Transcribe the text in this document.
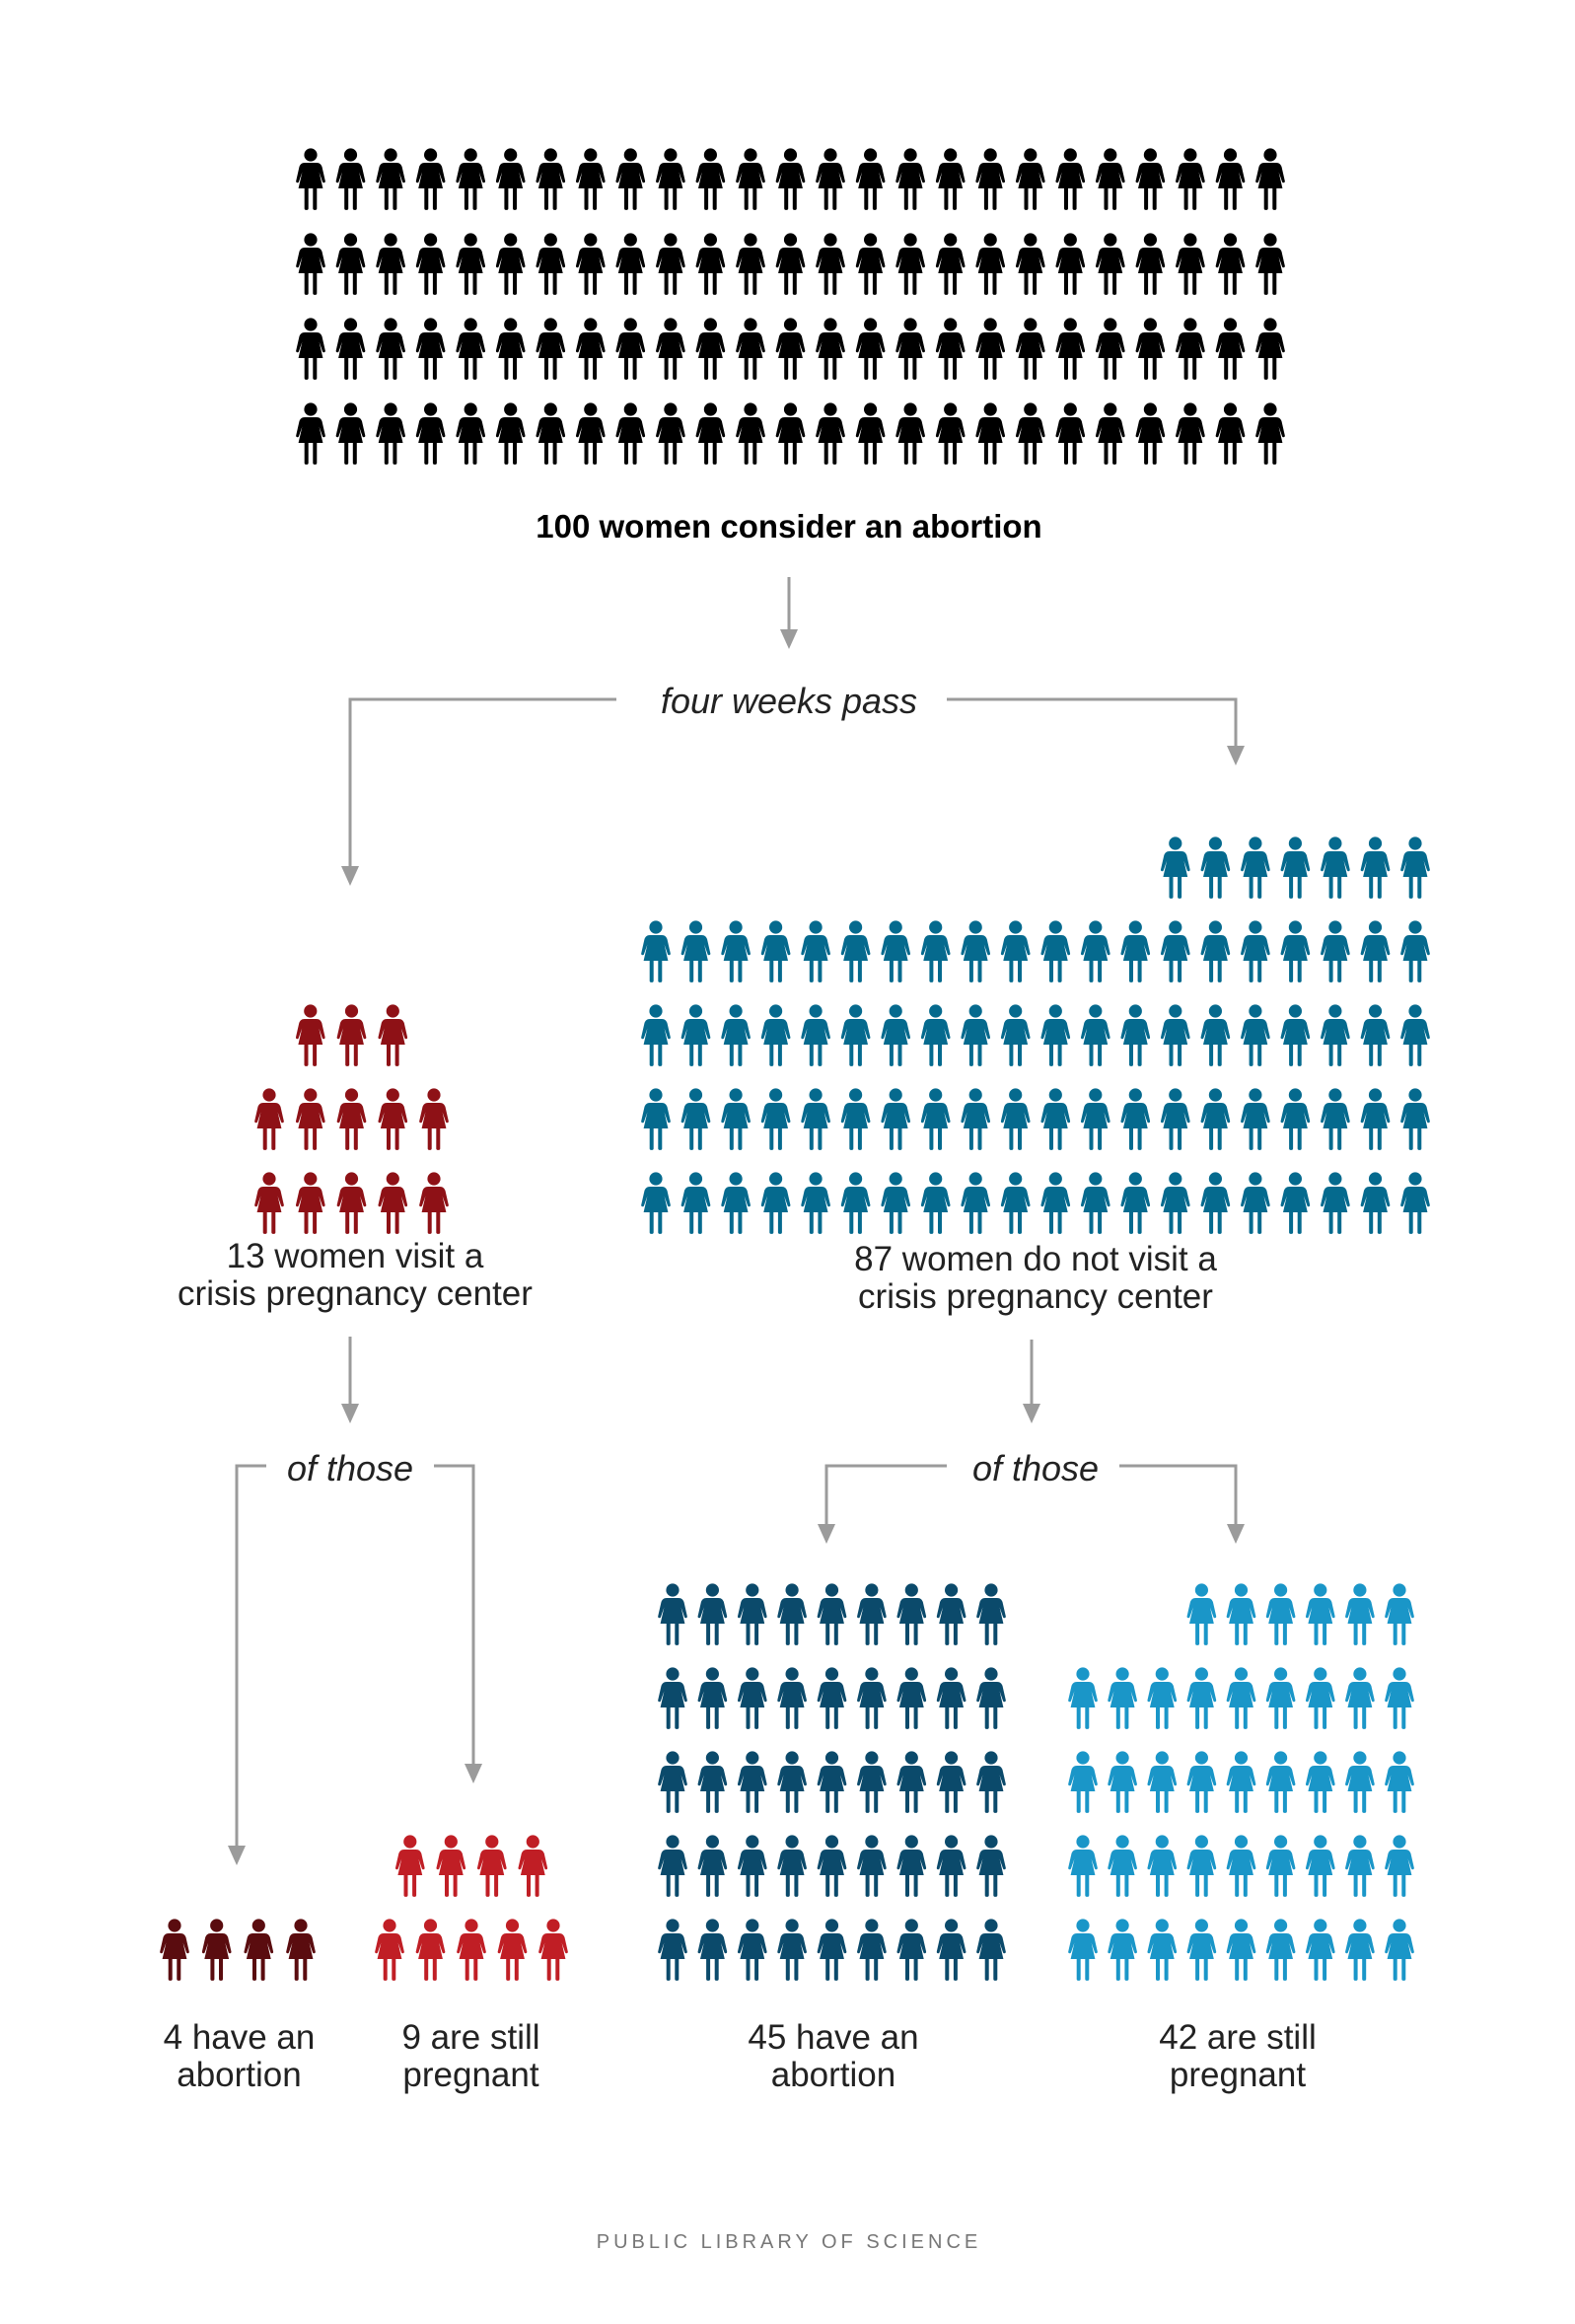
100 women consider an abortion
four weeks pass
13 women visit a
crisis pregnancy center
87 women do not visit a
crisis pregnancy center
of those	of those
4 have an
abortion
9 are still
pregnant
45 have an
abortion
42 are still
pregnant
PUBLIC LIBRARY OF SCIENCE
